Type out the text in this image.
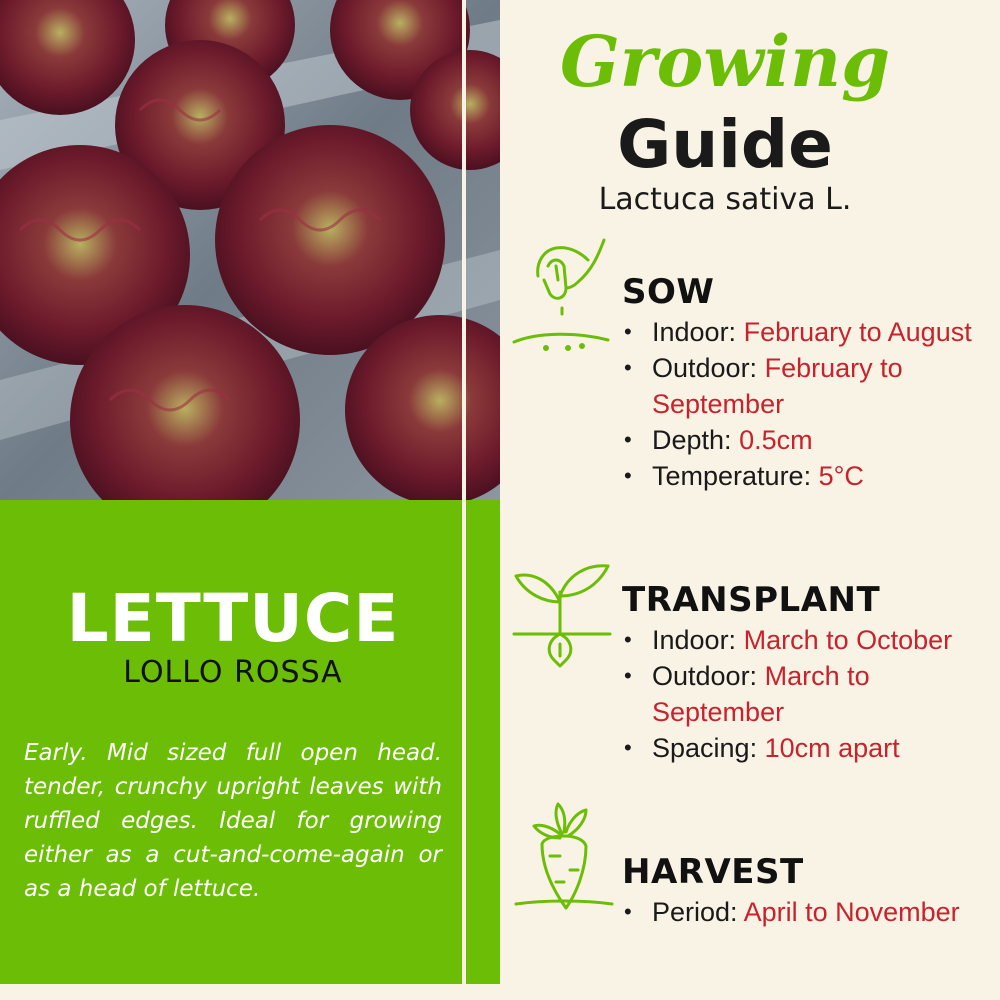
LETTUCE
LOLLO ROSSA
Early. Mid sized full open head. tender, crunchy upright leaves with ruffled edges. Ideal for growing either as a cut-and-come-again or as a head of lettuce.
Growing
Guide
Lactuca sativa L.
SOW
• Indoor: February to August
• Outdoor: February to September
• Depth: 0.5cm
• Temperature: 5°C
TRANSPLANT
• Indoor: March to October
• Outdoor: March to September
• Spacing: 10cm apart
HARVEST
• Period: April to November
